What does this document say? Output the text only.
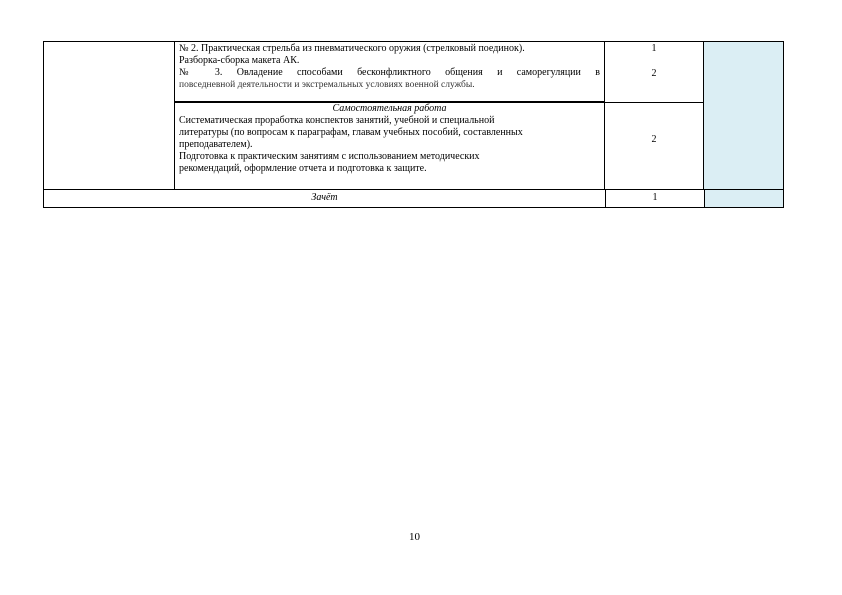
№ 2. Практическая стрельба из пневматического оружия (стрелковый поединок).
Разборка-сборка макета АК.
№ 3. Овладение способами бесконфликтного общения и саморегуляции в
повседневной деятельности и экстремальных условиях военной службы.
1
2
Самостоятельная работа
Систематическая проработка конспектов занятий, учебной и специальной
литературы (по вопросам к параграфам, главам учебных пособий, составленных
преподавателем).
Подготовка к практическим занятиям с использованием методических
рекомендаций, оформление отчета и подготовка к защите.
2
Зачёт	1
10
